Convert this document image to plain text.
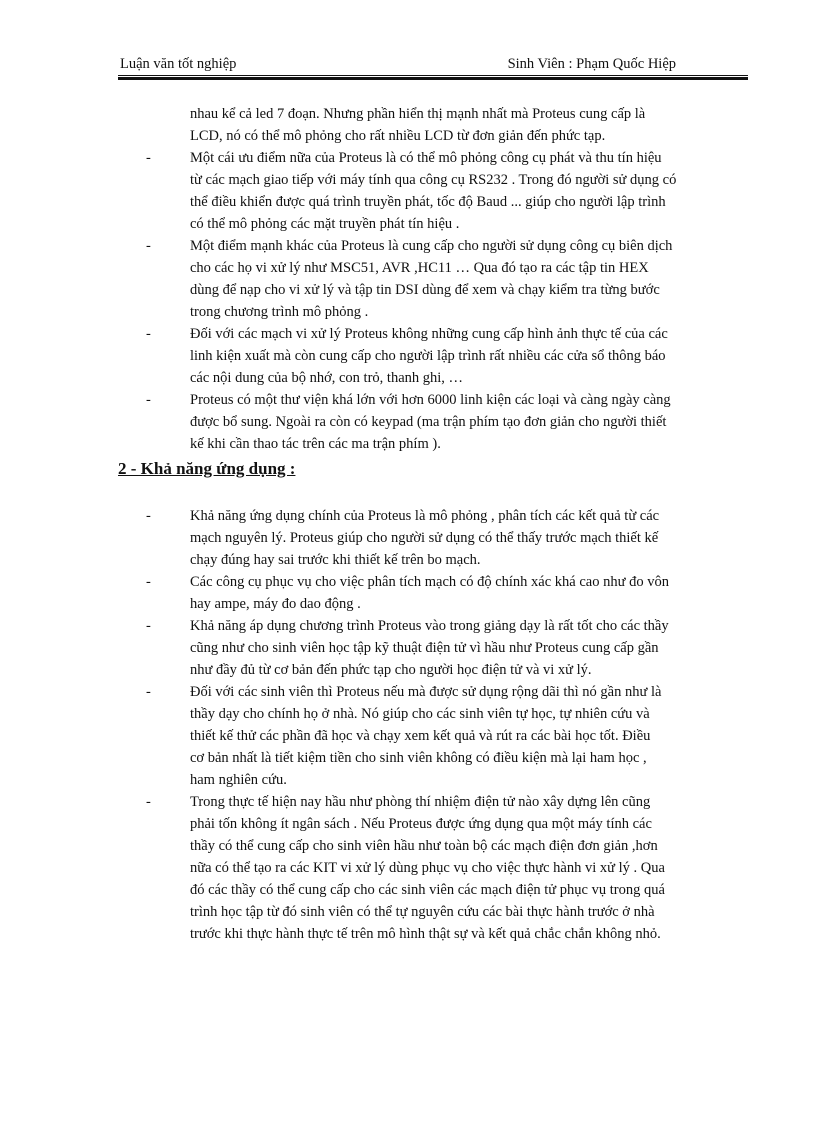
Luận văn tốt nghiệp	Sinh Viên : Phạm Quốc Hiệp
nhau kể cả led 7 đoạn. Nhưng phần hiển thị mạnh nhất mà Proteus cung cấp là
LCD, nó có thể mô phỏng cho rất nhiều LCD từ đơn giản đến phức tạp.
-	Một cái ưu điểm nữa của Proteus là có thể mô phỏng công cụ phát và thu tín hiệu
từ các mạch giao tiếp với máy tính qua công cụ RS232 . Trong đó người sử dụng có
thể điều khiển được quá trình truyền phát, tốc độ Baud ... giúp cho người lập trình
có thể mô phỏng các mặt truyền phát tín hiệu .
-	Một điểm mạnh khác của Proteus là cung cấp cho người sử dụng công cụ biên dịch
cho các họ vi xử lý như MSC51, AVR ,HC11 … Qua đó tạo ra các tập tin HEX
dùng để nạp cho vi xử lý và tập tin DSI dùng để xem và chạy kiểm tra từng bước
trong chương trình mô phỏng .
-	Đối với các mạch vi xử lý Proteus không những cung cấp hình ảnh thực tế của các
linh kiện xuất mà còn cung cấp cho người lập trình rất nhiều các cửa sổ thông báo
các nội dung của bộ nhớ, con trỏ, thanh ghi, …
-	Proteus có một thư viện khá lớn với hơn 6000 linh kiện các loại và càng ngày càng
được bổ sung. Ngoài ra còn có keypad (ma trận phím tạo đơn giản cho người thiết
kế khi cần thao tác trên các ma trận phím ).
2 - Khả năng ứng dụng :
-	Khả năng ứng dụng chính của Proteus là mô phỏng , phân tích các kết quả từ các
mạch nguyên lý. Proteus giúp cho người sử dụng có thể thấy trước mạch thiết kế
chạy đúng hay sai trước khi thiết kế trên bo mạch.
-	Các công cụ phục vụ cho việc phân tích mạch có độ chính xác khá cao như đo vôn
hay ampe, máy đo dao động .
-	Khả năng áp dụng chương trình Proteus vào trong giảng dạy là rất tốt cho các thầy
cũng như cho sinh viên học tập kỹ thuật điện tử vì hầu như Proteus cung cấp gần
như đầy đủ từ cơ bản đến phức tạp cho người học điện tử và vi xử lý.
-	Đối với các sinh viên thì Proteus nếu mà được sử dụng rộng dãi thì nó gần như là
thầy dạy cho chính họ ở nhà. Nó giúp cho các sinh viên tự học, tự nhiên cứu và
thiết kế thử các phần đã học và chạy xem kết quả và rút ra các bài học tốt. Điều
cơ bản nhất là tiết kiệm tiền cho sinh viên không có điều kiện mà lại ham học ,
ham nghiên cứu.
-	Trong thực tế hiện nay hầu như phòng thí nhiệm điện tử nào xây dựng lên cũng
phải tốn không ít ngân sách . Nếu Proteus được ứng dụng qua một máy tính các
thầy có thể cung cấp cho sinh viên hầu như toàn bộ các mạch điện đơn giản ,hơn
nữa có thể tạo ra các KIT vi xử lý dùng phục vụ cho việc thực hành vi xử lý . Qua
đó các thầy có thể cung cấp cho các sinh viên các mạch điện tử phục vụ trong quá
trình học tập từ đó sinh viên có thể tự nguyên cứu các bài thực hành trước ở nhà
trước khi thực hành thực tế trên mô hình thật sự và kết quả chắc chắn không nhỏ.
